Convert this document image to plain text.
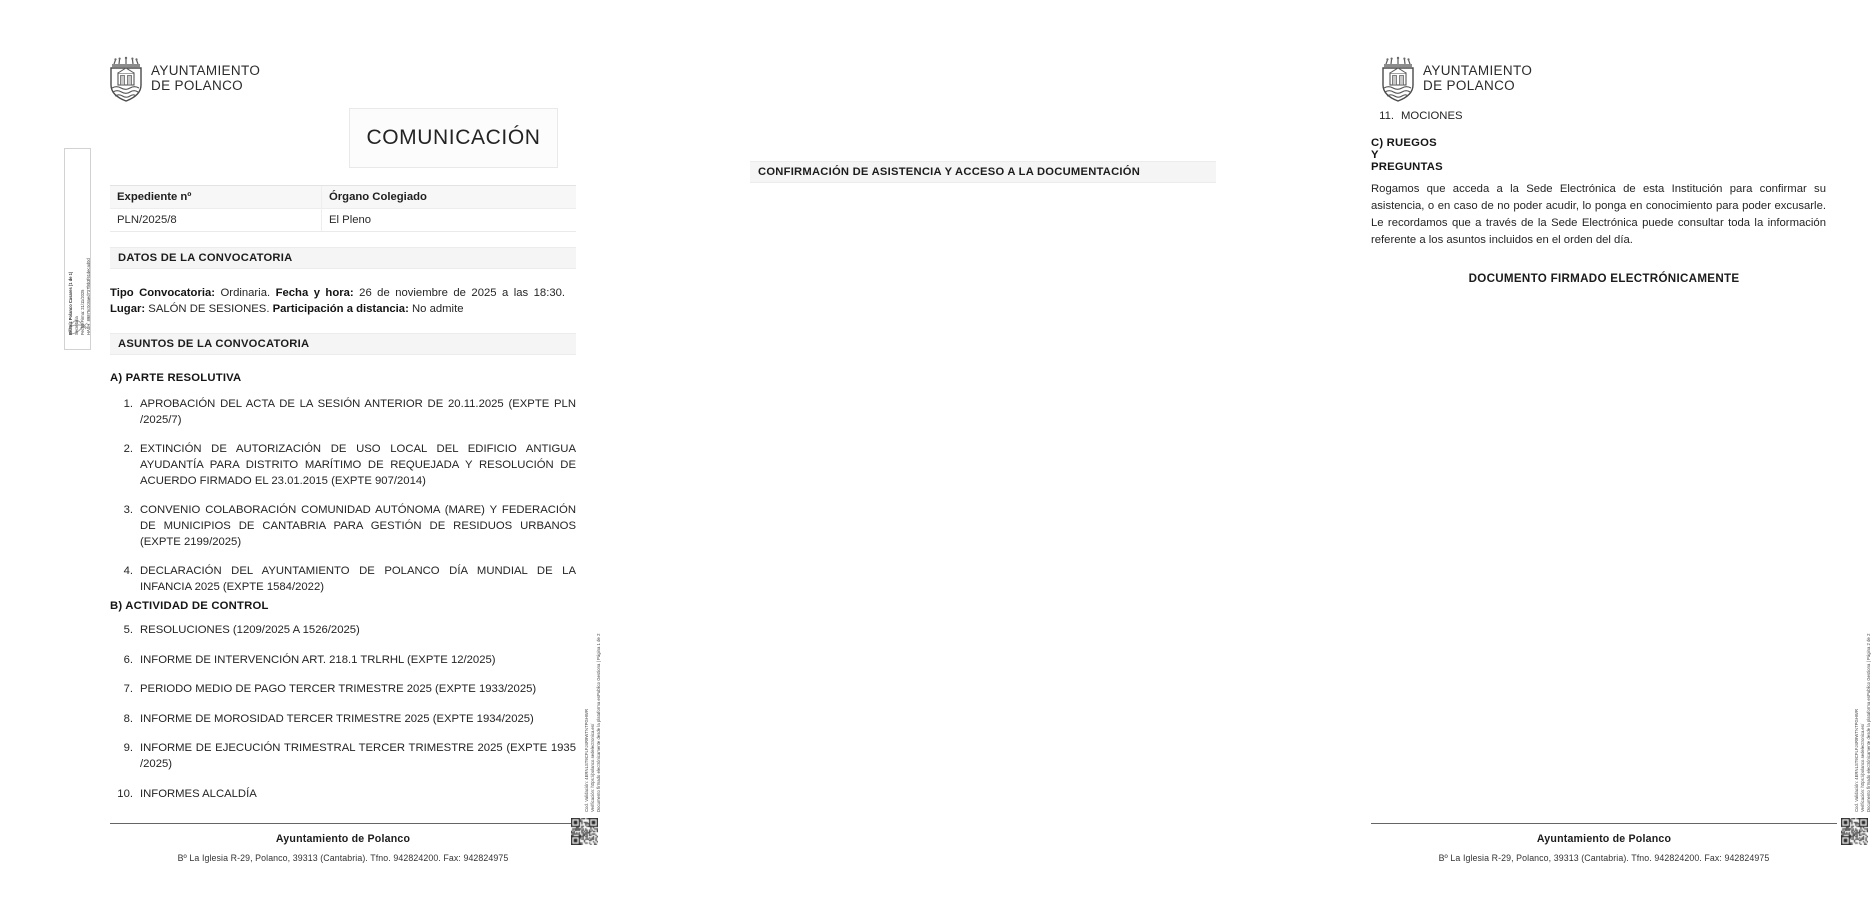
AYUNTAMIENTO
DE POLANCO
COMUNICACIÓN
Expediente nº	Órgano Colegiado
PLN/2025/8	El Pleno
DATOS DE LA CONVOCATORIA
Tipo Convocatoria: Ordinaria. Fecha y hora: 26 de noviembre de 2025 a las 18:30. Lugar: SALÓN DE SESIONES. Participación a distancia: No admite
ASUNTOS DE LA CONVOCATORIA
A) PARTE RESOLUTIVA
1. APROBACIÓN DEL ACTA DE LA SESIÓN ANTERIOR DE 20.11.2025 (EXPTE PLN /2025/7)
2. EXTINCIÓN DE AUTORIZACIÓN DE USO LOCAL DEL EDIFICIO ANTIGUA AYUDANTÍA PARA DISTRITO MARÍTIMO DE REQUEJADA Y RESOLUCIÓN DE ACUERDO FIRMADO EL 23.01.2015 (EXPTE 907/2014)
3. CONVENIO COLABORACIÓN COMUNIDAD AUTÓNOMA (MARE) Y FEDERACIÓN DE MUNICIPIOS DE CANTABRIA PARA GESTIÓN DE RESIDUOS URBANOS (EXPTE 2199/2025)
4. DECLARACIÓN DEL AYUNTAMIENTO DE POLANCO DÍA MUNDIAL DE LA INFANCIA 2025 (EXPTE 1584/2022)
B) ACTIVIDAD DE CONTROL
5. RESOLUCIONES (1209/2025 A 1526/2025)
6. INFORME DE INTERVENCIÓN ART. 218.1 TRLRHL (EXPTE 12/2025)
7. PERIODO MEDIO DE PAGO TERCER TRIMESTRE 2025 (EXPTE 1933/2025)
8. INFORME DE MOROSIDAD TERCER TRIMESTRE 2025 (EXPTE 1934/2025)
9. INFORME DE EJECUCIÓN TRIMESTRAL TERCER TRIMESTRE 2025 (EXPTE 1935 /2025)
10. INFORMES ALCALDÍA
Ayuntamiento de Polanco
Bº La Iglesia R-29, Polanco, 39313 (Cantabria). Tfno. 942824200. Fax: 942824975
Cod. Validación: 4ERNLST9CFLFJ4R9WTNTPGHWR Verificación: https://polanco.sedelectronica.es/ Documento firmado electrónicamente desde la plataforma esPublico Gestiona | Página 1 de 2
Beatriz Polanco Casares (1 de 1) Secretaria Fecha Firma: 21/11/2025 HASH: 89875c0c8aed737f8b3f61decad0d
AYUNTAMIENTO
DE POLANCO
11. MOCIONES
C) RUEGOS Y PREGUNTAS
CONFIRMACIÓN DE ASISTENCIA Y ACCESO A LA DOCUMENTACIÓN
Rogamos que acceda a la Sede Electrónica de esta Institución para confirmar su asistencia, o en caso de no poder acudir, lo ponga en conocimiento para poder excusarle. Le recordamos que a través de la Sede Electrónica puede consultar toda la información referente a los asuntos incluidos en el orden del día.
DOCUMENTO FIRMADO ELECTRÓNICAMENTE
Ayuntamiento de Polanco
Bº La Iglesia R-29, Polanco, 39313 (Cantabria). Tfno. 942824200. Fax: 942824975
Cod. Validación: 4ERNLST9CFLFJ4R9WTNTPGHWR Verificación: https://polanco.sedelectronica.es/ Documento firmado electrónicamente desde la plataforma esPublico Gestiona | Página 2 de 2
